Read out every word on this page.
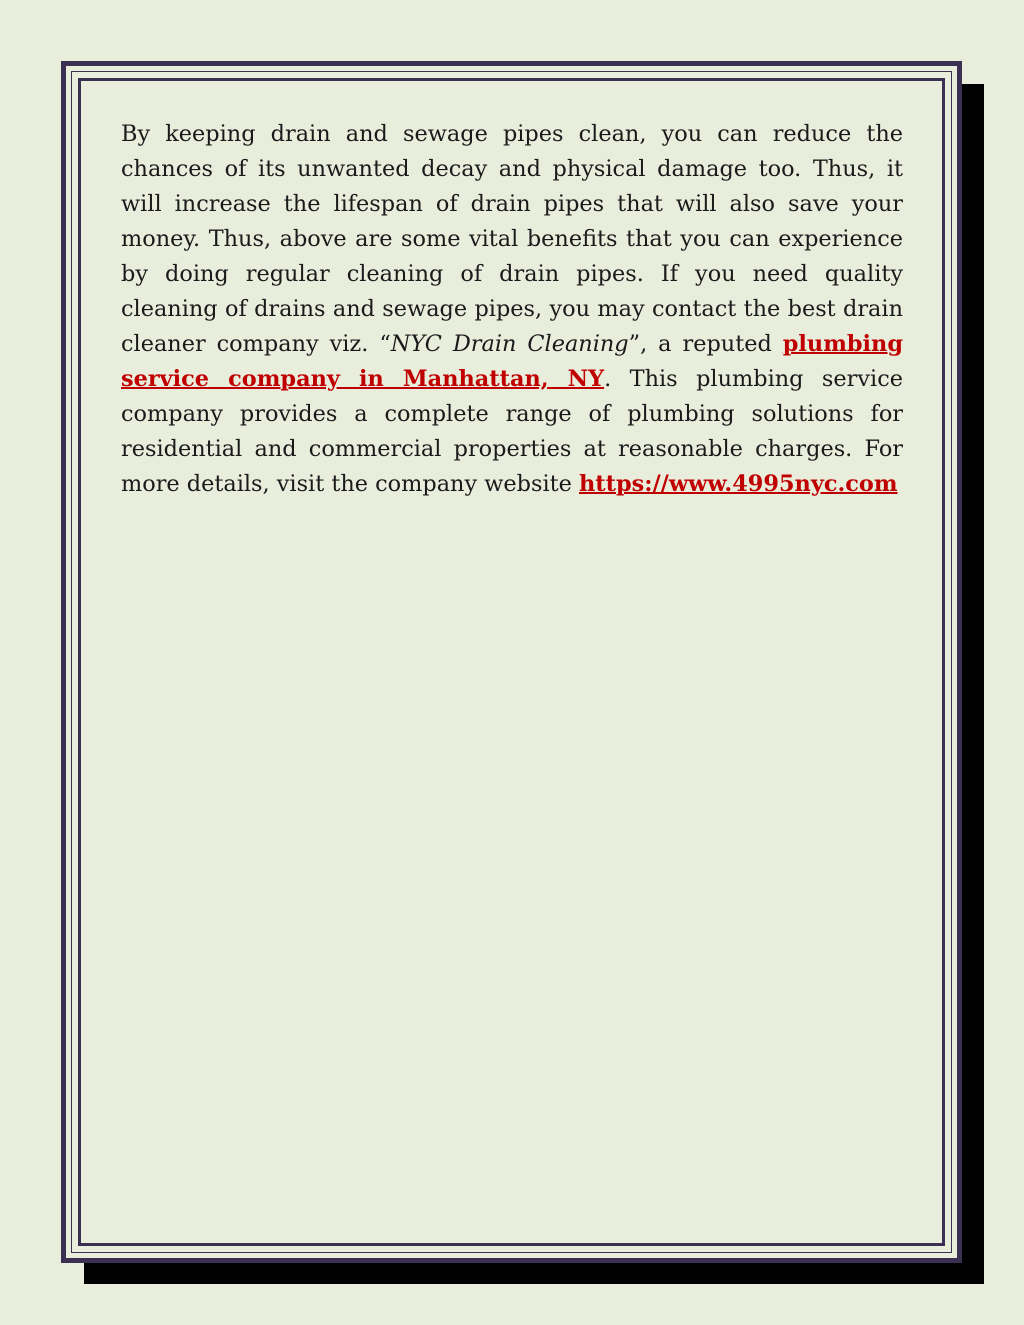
By keeping drain and sewage pipes clean, you can reduce the chances of its unwanted decay and physical damage too. Thus, it will increase the lifespan of drain pipes that will also save your money. Thus, above are some vital benefits that you can experience by doing regular cleaning of drain pipes. If you need quality cleaning of drains and sewage pipes, you may contact the best drain cleaner company viz. “NYC Drain Cleaning”, a reputed plumbing service company in Manhattan, NY. This plumbing service company provides a complete range of plumbing solutions for residential and commercial properties at reasonable charges. For more details, visit the company website https://www.4995nyc.com
